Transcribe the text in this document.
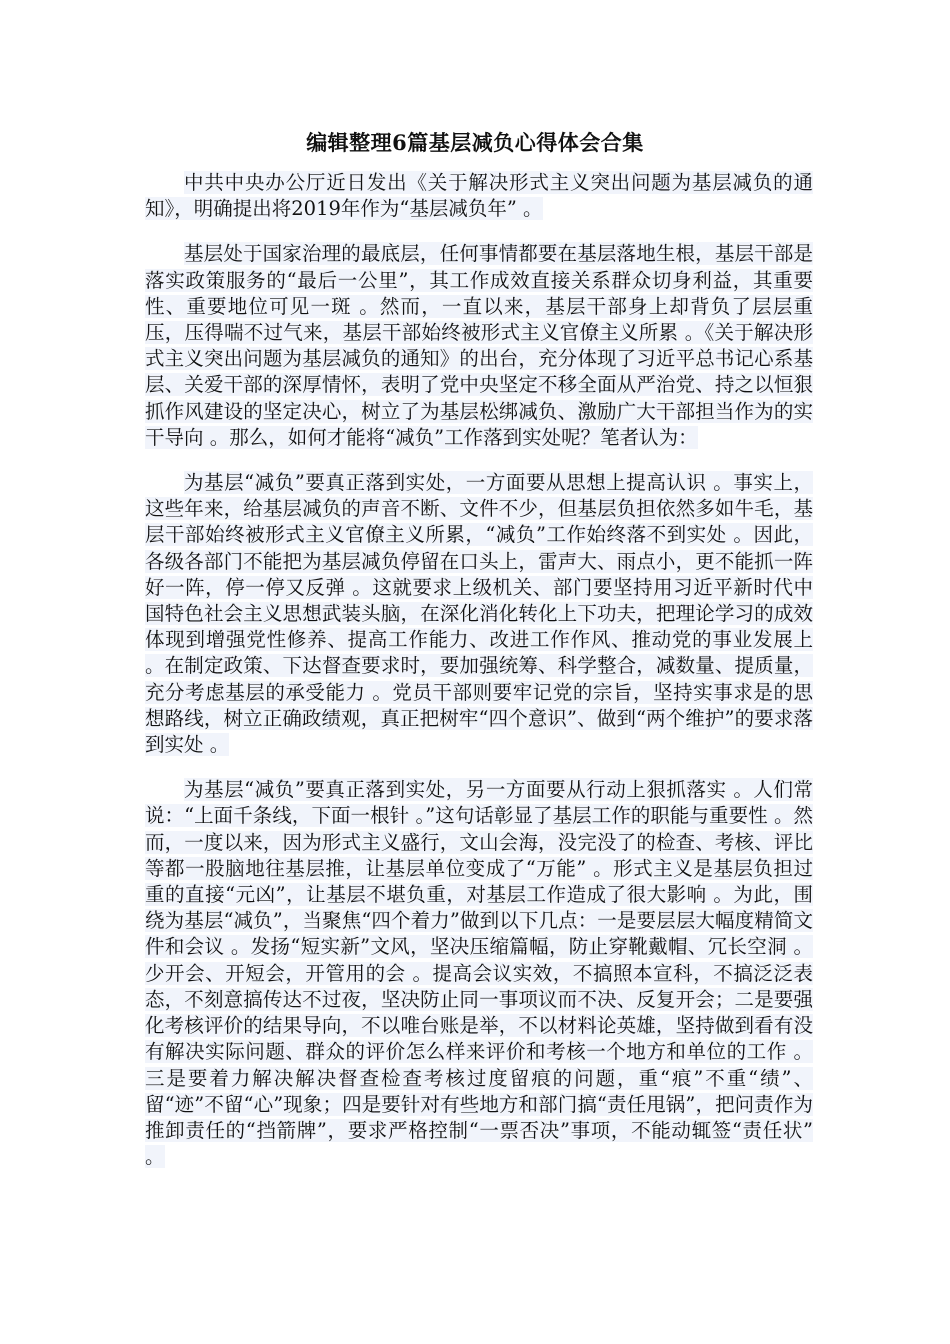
编辑整理6篇基层减负心得体会合集

中共中央办公厅近日发出《关于解决形式主义突出问题为基层减负的通知》，明确提出将2019年作为“基层减负年” 。

基层处于国家治理的最底层，任何事情都要在基层落地生根，基层干部是落实政策服务的“最后一公里”，其工作成效直接关系群众切身利益，其重要性、重要地位可见一斑 。然而，一直以来，基层干部身上却背负了层层重压，压得喘不过气来，基层干部始终被形式主义官僚主义所累 。《关于解决形式主义突出问题为基层减负的通知》的出台，充分体现了习近平总书记心系基层、关爱干部的深厚情怀，表明了党中央坚定不移全面从严治党、持之以恒狠抓作风建设的坚定决心，树立了为基层松绑减负、激励广大干部担当作为的实干导向 。那么，如何才能将“减负”工作落到实处呢？笔者认为：

为基层“减负”要真正落到实处，一方面要从思想上提高认识 。事实上，这些年来，给基层减负的声音不断、文件不少，但基层负担依然多如牛毛，基层干部始终被形式主义官僚主义所累，“减负”工作始终落不到实处 。因此，各级各部门不能把为基层减负停留在口头上，雷声大、雨点小，更不能抓一阵好一阵，停一停又反弹 。这就要求上级机关、部门要坚持用习近平新时代中国特色社会主义思想武装头脑，在深化消化转化上下功夫，把理论学习的成效体现到增强党性修养、提高工作能力、改进工作作风、推动党的事业发展上 。在制定政策、下达督查要求时，要加强统筹、科学整合，减数量、提质量，充分考虑基层的承受能力 。党员干部则要牢记党的宗旨，坚持实事求是的思想路线，树立正确政绩观，真正把树牢“四个意识”、做到“两个维护”的要求落到实处 。

为基层“减负”要真正落到实处，另一方面要从行动上狠抓落实 。人们常说：“上面千条线，下面一根针 。”这句话彰显了基层工作的职能与重要性 。然而，一度以来，因为形式主义盛行，文山会海，没完没了的检查、考核、评比等都一股脑地往基层推，让基层单位变成了“万能” 。形式主义是基层负担过重的直接“元凶”，让基层不堪负重，对基层工作造成了很大影响 。为此，围绕为基层“减负”，当聚焦“四个着力”做到以下几点：一是要层层大幅度精简文件和会议 。发扬“短实新”文风，坚决压缩篇幅，防止穿靴戴帽、冗长空洞 。少开会、开短会，开管用的会 。提高会议实效，不搞照本宣科，不搞泛泛表态，不刻意搞传达不过夜，坚决防止同一事项议而不决、反复开会；二是要强化考核评价的结果导向，不以唯台账是举，不以材料论英雄，坚持做到看有没有解决实际问题、群众的评价怎么样来评价和考核一个地方和单位的工作 。三是要着力解决解决督查检查考核过度留痕的问题，重“痕”不重“绩”、留“迹”不留“心”现象；四是要针对有些地方和部门搞“责任甩锅”，把问责作为推卸责任的“挡箭牌”，要求严格控制“一票否决”事项，不能动辄签“责任状” 。
